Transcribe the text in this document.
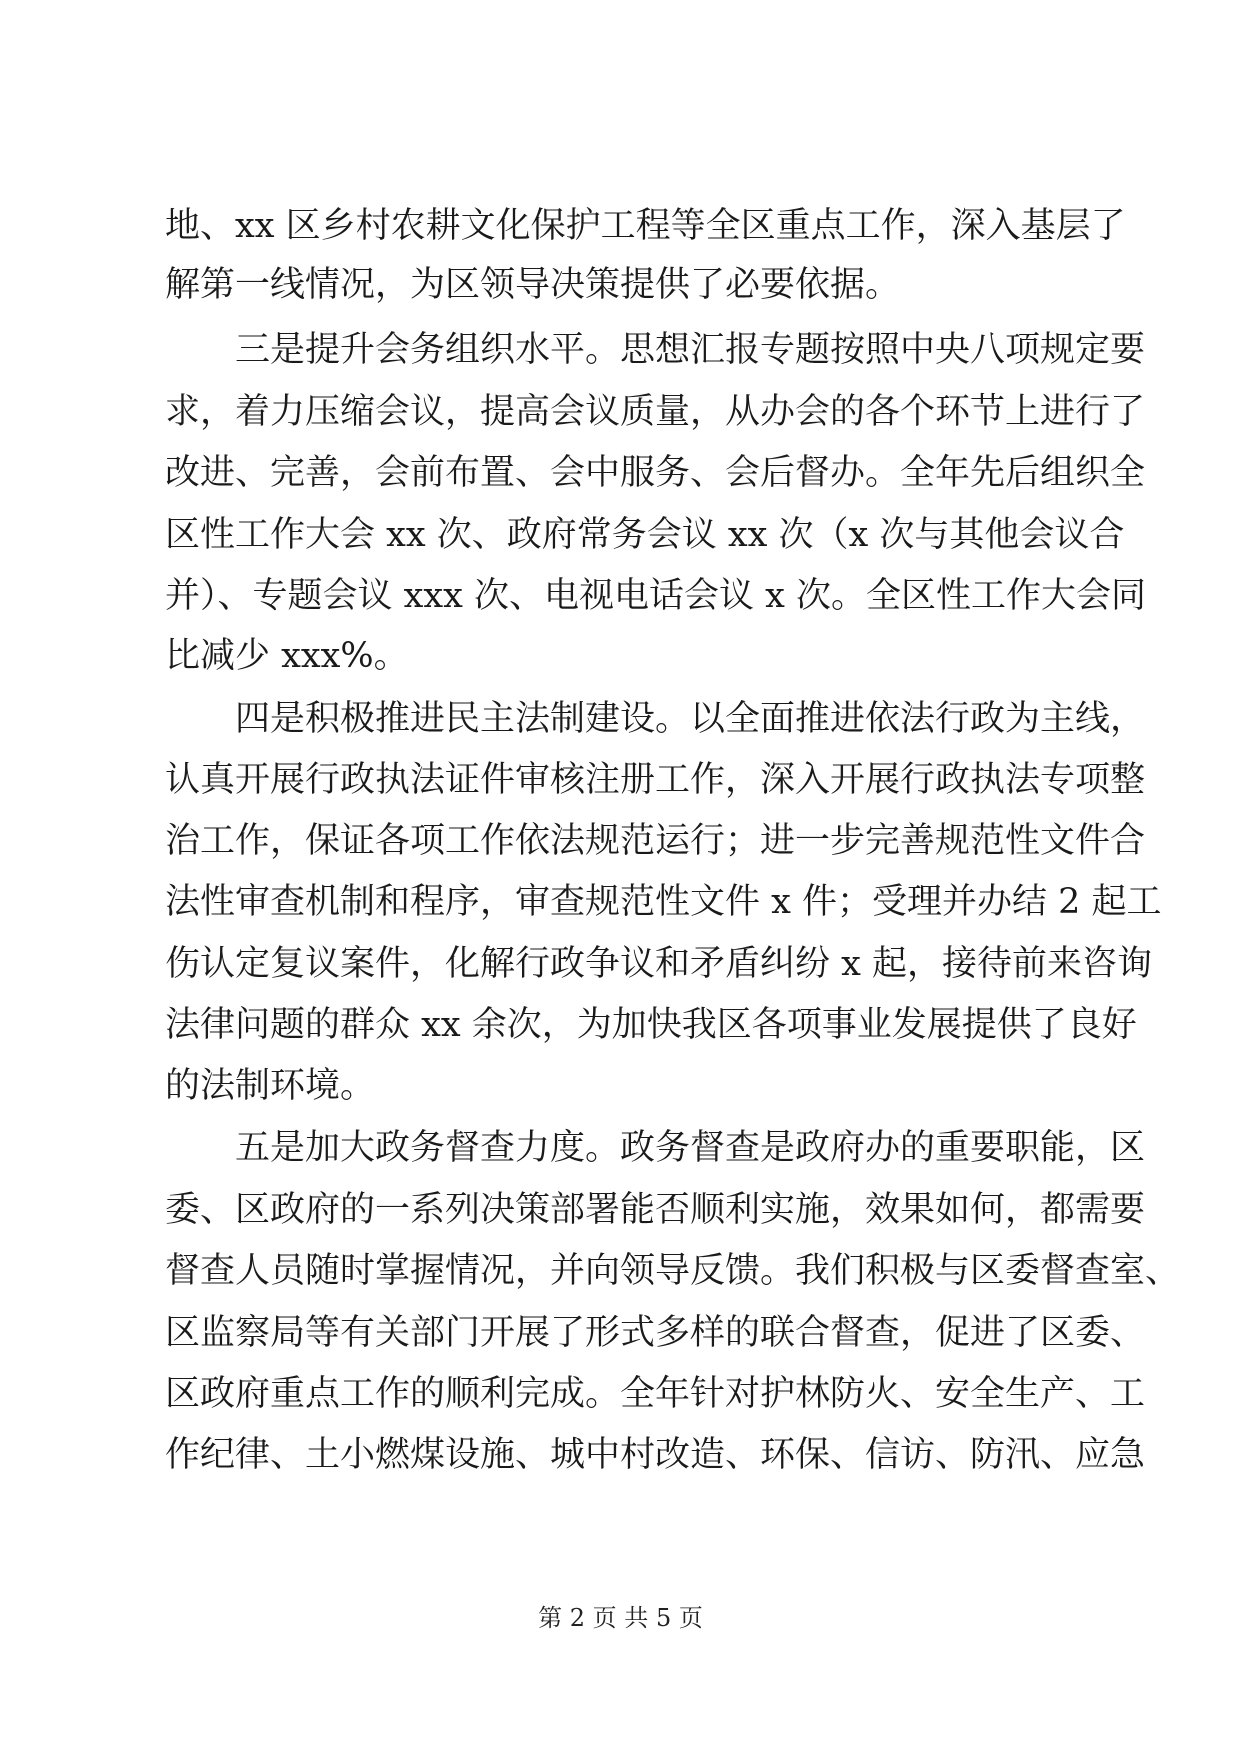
地、xx 区乡村农耕文化保护工程等全区重点工作，深入基层了
解第一线情况，为区领导决策提供了必要依据。
三是提升会务组织水平。思想汇报专题按照中央八项规定要
求，着力压缩会议，提高会议质量，从办会的各个环节上进行了
改进、完善，会前布置、会中服务、会后督办。全年先后组织全
区性工作大会 xx 次、政府常务会议 xx 次（x 次与其他会议合
并）、专题会议 xxx 次、电视电话会议 x 次。全区性工作大会同
比减少 xxx%。
四是积极推进民主法制建设。以全面推进依法行政为主线，
认真开展行政执法证件审核注册工作，深入开展行政执法专项整
治工作，保证各项工作依法规范运行；进一步完善规范性文件合
法性审查机制和程序，审查规范性文件 x 件；受理并办结 2 起工
伤认定复议案件，化解行政争议和矛盾纠纷 x 起，接待前来咨询
法律问题的群众 xx 余次，为加快我区各项事业发展提供了良好
的法制环境。
五是加大政务督查力度。政务督查是政府办的重要职能，区
委、区政府的一系列决策部署能否顺利实施，效果如何，都需要
督查人员随时掌握情况，并向领导反馈。我们积极与区委督查室、
区监察局等有关部门开展了形式多样的联合督查，促进了区委、
区政府重点工作的顺利完成。全年针对护林防火、安全生产、工
作纪律、土小燃煤设施、城中村改造、环保、信访、防汛、应急
第 2 页 共 5 页
